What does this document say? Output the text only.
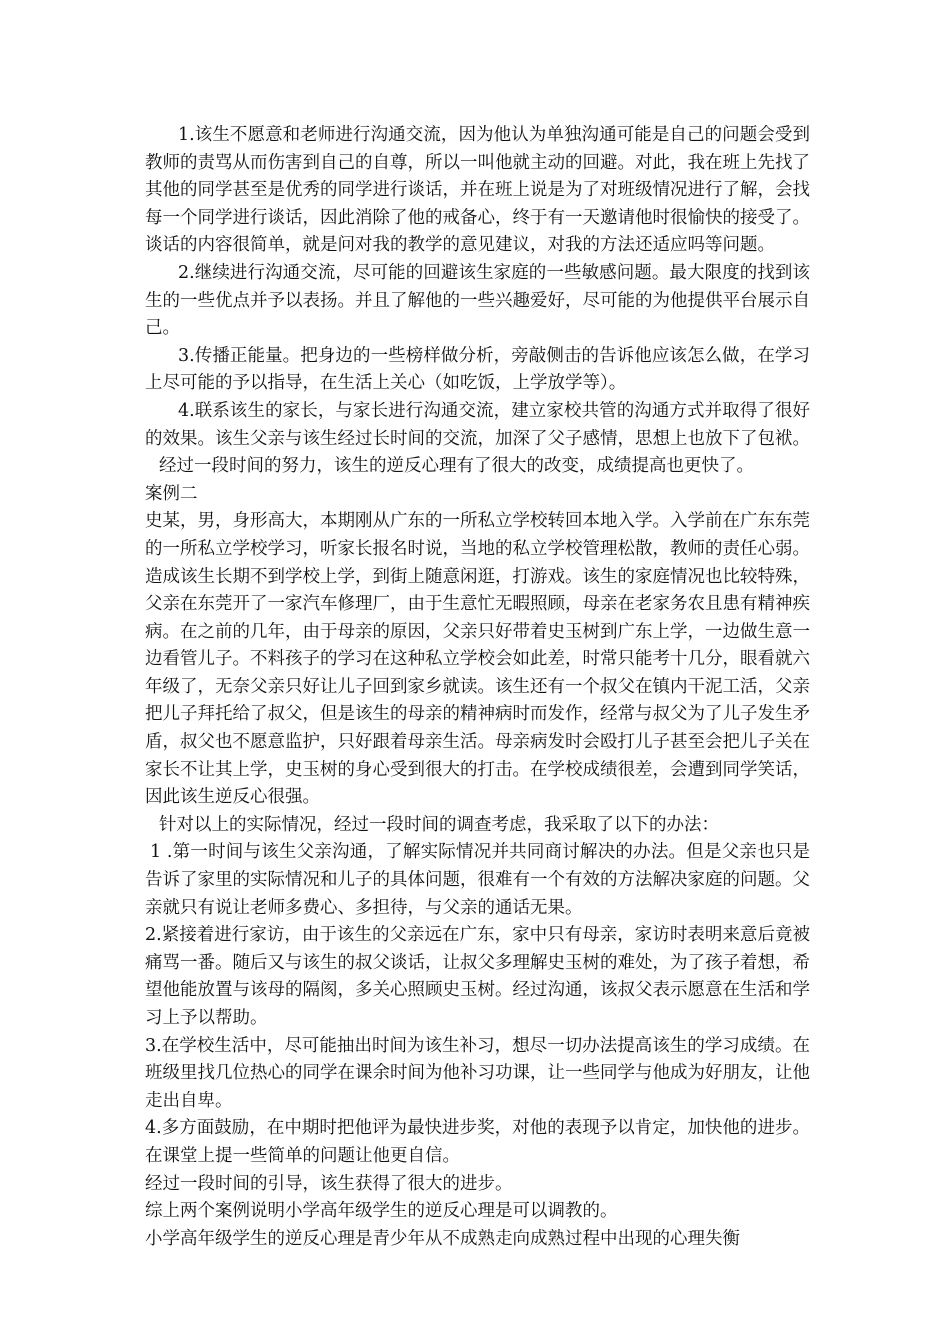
1.该生不愿意和老师进行沟通交流，因为他认为单独沟通可能是自己的问题会受到教师的责骂从而伤害到自己的自尊，所以一叫他就主动的回避。对此，我在班上先找了其他的同学甚至是优秀的同学进行谈话，并在班上说是为了对班级情况进行了解，会找每一个同学进行谈话，因此消除了他的戒备心，终于有一天邀请他时很愉快的接受了。谈话的内容很简单，就是问对我的教学的意见建议，对我的方法还适应吗等问题。

2.继续进行沟通交流，尽可能的回避该生家庭的一些敏感问题。最大限度的找到该生的一些优点并予以表扬。并且了解他的一些兴趣爱好，尽可能的为他提供平台展示自己。

3.传播正能量。把身边的一些榜样做分析，旁敲侧击的告诉他应该怎么做，在学习上尽可能的予以指导，在生活上关心（如吃饭，上学放学等）。

4.联系该生的家长，与家长进行沟通交流，建立家校共管的沟通方式并取得了很好的效果。该生父亲与该生经过长时间的交流，加深了父子感情，思想上也放下了包袱。

经过一段时间的努力，该生的逆反心理有了很大的改变，成绩提高也更快了。

案例二

史某，男，身形高大，本期刚从广东的一所私立学校转回本地入学。入学前在广东东莞的一所私立学校学习，听家长报名时说，当地的私立学校管理松散，教师的责任心弱。造成该生长期不到学校上学，到街上随意闲逛，打游戏。该生的家庭情况也比较特殊，父亲在东莞开了一家汽车修理厂，由于生意忙无暇照顾，母亲在老家务农且患有精神疾病。在之前的几年，由于母亲的原因，父亲只好带着史玉树到广东上学，一边做生意一边看管儿子。不料孩子的学习在这种私立学校会如此差，时常只能考十几分，眼看就六年级了，无奈父亲只好让儿子回到家乡就读。该生还有一个叔父在镇内干泥工活，父亲把儿子拜托给了叔父，但是该生的母亲的精神病时而发作，经常与叔父为了儿子发生矛盾，叔父也不愿意监护，只好跟着母亲生活。母亲病发时会殴打儿子甚至会把儿子关在家长不让其上学，史玉树的身心受到很大的打击。在学校成绩很差，会遭到同学笑话，因此该生逆反心很强。

针对以上的实际情况，经过一段时间的调查考虑，我采取了以下的办法：

1 .第一时间与该生父亲沟通，了解实际情况并共同商讨解决的办法。但是父亲也只是告诉了家里的实际情况和儿子的具体问题，很难有一个有效的方法解决家庭的问题。父亲就只有说让老师多费心、多担待，与父亲的通话无果。

2.紧接着进行家访，由于该生的父亲远在广东，家中只有母亲，家访时表明来意后竟被痛骂一番。随后又与该生的叔父谈话，让叔父多理解史玉树的难处，为了孩子着想，希望他能放置与该母的隔阂，多关心照顾史玉树。经过沟通，该叔父表示愿意在生活和学习上予以帮助。

3.在学校生活中，尽可能抽出时间为该生补习，想尽一切办法提高该生的学习成绩。在班级里找几位热心的同学在课余时间为他补习功课，让一些同学与他成为好朋友，让他走出自卑。

4.多方面鼓励，在中期时把他评为最快进步奖，对他的表现予以肯定，加快他的进步。在课堂上提一些简单的问题让他更自信。

经过一段时间的引导，该生获得了很大的进步。

综上两个案例说明小学高年级学生的逆反心理是可以调教的。

小学高年级学生的逆反心理是青少年从不成熟走向成熟过程中出现的心理失衡
